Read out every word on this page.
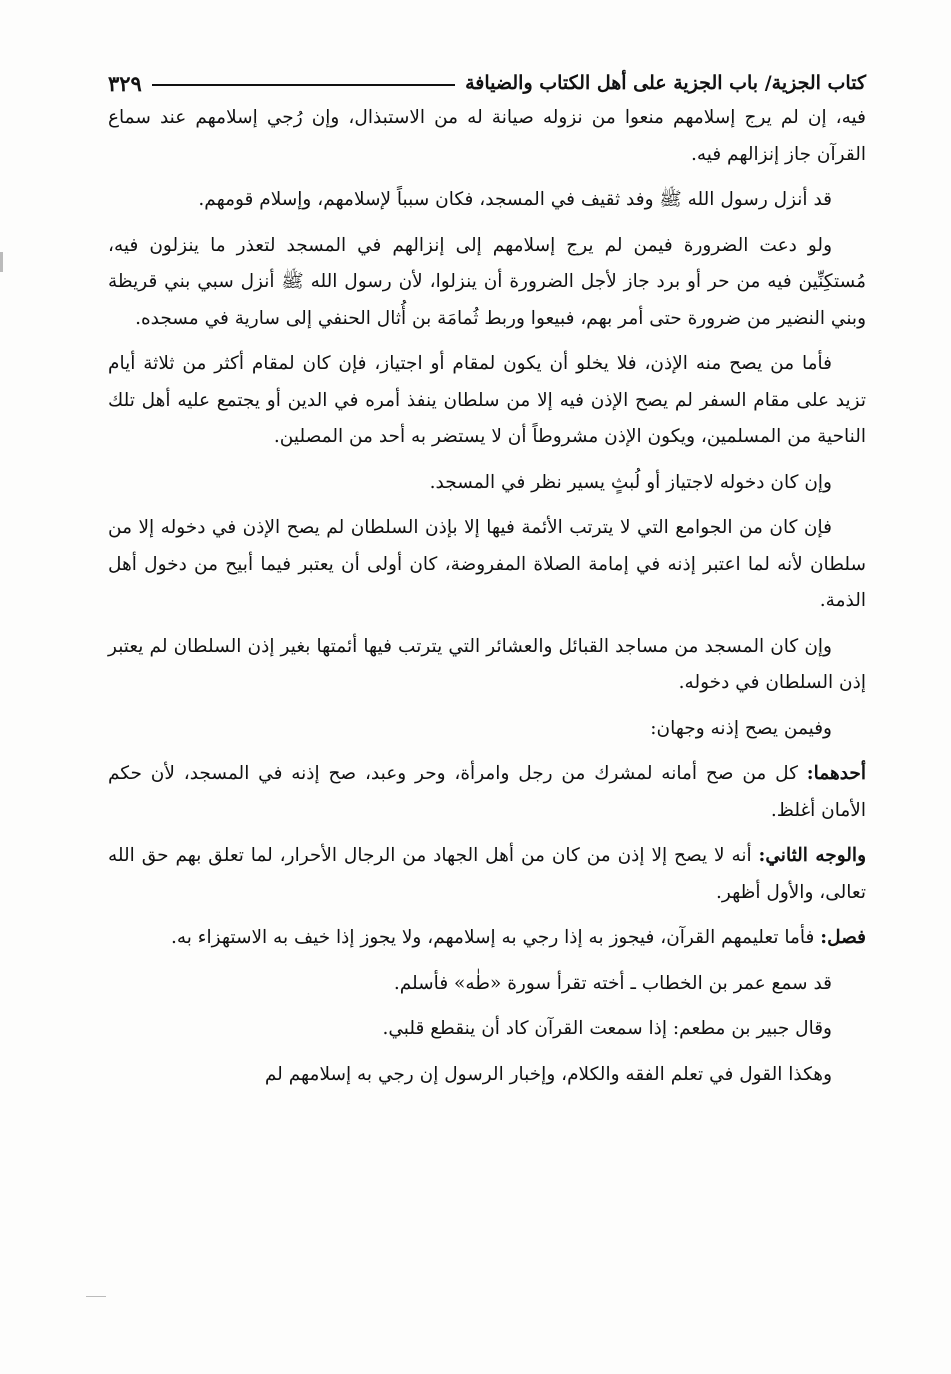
كتاب الجزية/ باب الجزية على أهل الكتاب والضيافة
٣٢٩

فيه، إن لم يرج إسلامهم منعوا من نزوله صيانة له من الاستبذال، وإن رُجي إسلامهم عند سماع القرآن جاز إنزالهم فيه.

قد أنزل رسول الله ﷺ وفد ثقيف في المسجد، فكان سبباً لإسلامهم، وإسلام قومهم.

ولو دعت الضرورة فيمن لم يرج إسلامهم إلى إنزالهم في المسجد لتعذر ما ينزلون فيه، مُستكِنِّين فيه من حر أو برد جاز لأجل الضرورة أن ينزلوا، لأن رسول الله ﷺ أنزل سبي بني قريظة وبني النضير من ضرورة حتى أمر بهم، فبيعوا وربط ثُمامَة بن أُثال الحنفي إلى سارية في مسجده.

فأما من يصح منه الإذن، فلا يخلو أن يكون لمقام أو اجتياز، فإن كان لمقام أكثر من ثلاثة أيام تزيد على مقام السفر لم يصح الإذن فيه إلا من سلطان ينفذ أمره في الدين أو يجتمع عليه أهل تلك الناحية من المسلمين، ويكون الإذن مشروطاً أن لا يستضر به أحد من المصلين.

وإن كان دخوله لاجتياز أو لُبثٍ يسير نظر في المسجد.

فإن كان من الجوامع التي لا يترتب الأئمة فيها إلا بإذن السلطان لم يصح الإذن في دخوله إلا من سلطان لأنه لما اعتبر إذنه في إمامة الصلاة المفروضة، كان أولى أن يعتبر فيما أبيح من دخول أهل الذمة.

وإن كان المسجد من مساجد القبائل والعشائر التي يترتب فيها أئمتها بغير إذن السلطان لم يعتبر إذن السلطان في دخوله.

وفيمن يصح إذنه وجهان:

أحدهما: كل من صح أمانه لمشرك من رجل وامرأة، وحر وعبد، صح إذنه في المسجد، لأن حكم الأمان أغلظ.

والوجه الثاني: أنه لا يصح إلا إذن من كان من أهل الجهاد من الرجال الأحرار، لما تعلق بهم حق الله تعالى، والأول أظهر.

فصل: فأما تعليمهم القرآن، فيجوز به إذا رجي به إسلامهم، ولا يجوز إذا خيف به الاستهزاء به.

قد سمع عمر بن الخطاب ـ أخته تقرأ سورة «طٰه» فأسلم.

وقال جبير بن مطعم: إذا سمعت القرآن كاد أن ينقطع قلبي.

وهكذا القول في تعلم الفقه والكلام، وإخبار الرسول إن رجي به إسلامهم لم
